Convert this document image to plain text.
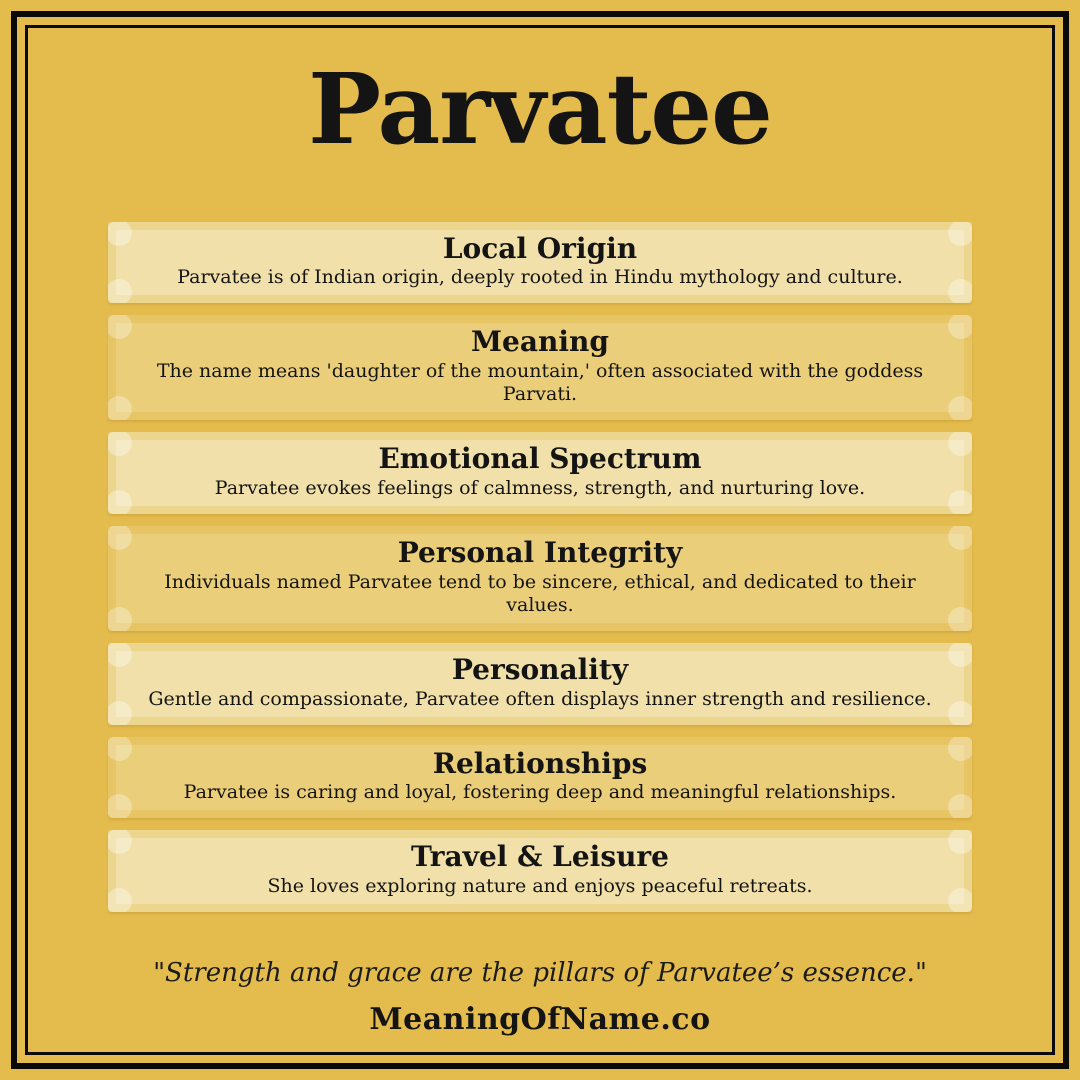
Parvatee
Local Origin

Parvatee is of Indian origin, deeply rooted in Hindu mythology and culture.

Meaning

The name means 'daughter of the mountain,' often associated with the goddess Parvati.

Emotional Spectrum

Parvatee evokes feelings of calmness, strength, and nurturing love.

Personal Integrity

Individuals named Parvatee tend to be sincere, ethical, and dedicated to their values.

Personality

Gentle and compassionate, Parvatee often displays inner strength and resilience.

Relationships

Parvatee is caring and loyal, fostering deep and meaningful relationships.

Travel & Leisure

She loves exploring nature and enjoys peaceful retreats.

"Strength and grace are the pillars of Parvatee’s essence."
MeaningOfName.co
